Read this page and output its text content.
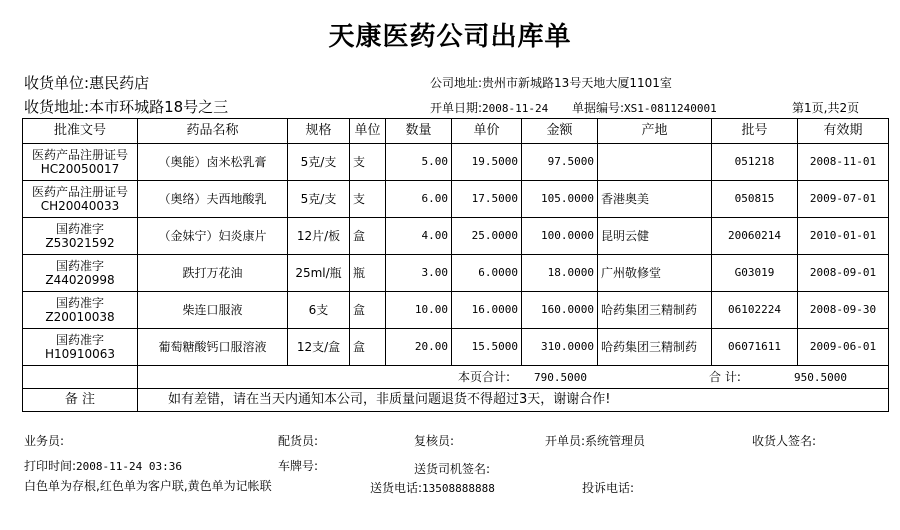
天康医药公司出库单
收货单位:惠民药店	公司地址:贵州市新城路13号天地大厦1101室
收货地址:本市环城路18号之三	开单日期:2008-11-24 单据编号:XS1-0811240001	第1页,共2页
批准文号	药品名称	规格	单位	数量	单价	金额	产地	批号	有效期
医药产品注册证号HC20050017	（奥能）卤米松乳膏	5克/支	支	5.00	19.5000	97.5000		051218	2008-11-01
医药产品注册证号CH20040033	（奥络）夫西地酸乳	5克/支	支	6.00	17.5000	105.0000	香港奥美	050815	2009-07-01
国药准字Z53021592	（金妹宁）妇炎康片	12片/板	盒	4.00	25.0000	100.0000	昆明云健	20060214	2010-01-01
国药准字Z44020998	跌打万花油	25ml/瓶	瓶	3.00	6.0000	18.0000	广州敬修堂	G03019	2008-09-01
国药准字Z20010038	柴连口服液	6支	盒	10.00	16.0000	160.0000	哈药集团三精制药	06102224	2008-09-30
国药准字H10910063	葡萄糖酸钙口服溶液	12支/盒	盒	20.00	15.5000	310.0000	哈药集团三精制药	06071611	2009-06-01

	本页合计: 790.5000 合 计: 950.5000								

备 注	如有差错，请在当天内通知本公司，非质量问题退货不得超过3天，谢谢合作!								
业务员:	配货员:	复核员:	开单员:系统管理员	收货人签名:
打印时间:2008-11-24 03:36	车牌号:	送货司机签名:
白色单为存根,红色单为客户联,黄色单为记帐联	送货电话:13508888888	投诉电话:
